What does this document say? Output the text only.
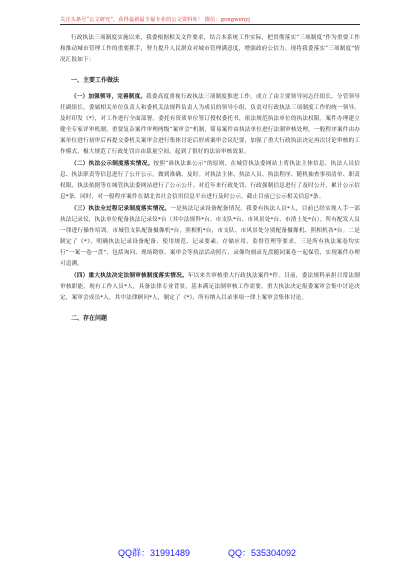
关注头条号“公文研究”，获得最新最全最专业的公文资料库！ 微信：gongwenyj

行政执法三项制度实施以来，我委根据相关文件要求，结合本系统工作实际，把贯彻落实“三项制度”作为重要工作和推动城市管理工作的重要抓手，努力提升人民群众对城市管理满意度，增强政府公信力。现将我委落实“三项制度”情况汇报如下：

一、主要工作做法

（一）加强领导，完善制度。我委高度重视行政执法三项制度推进工作，成立了由主要领导同志任组长、分管领导任副组长，委属相关单位负责人和委机关法规科负责人为成员的领导小组，负责对行政执法三项制度工作的统一领导，及时印发《*》，对工作进行全面部署。委托有资质单位签订授权委托书，依法规范执法单位的执法权限。案件办理建立健全专家评审机制。重要复杂案件审理两级“案审会”机制，简易案件由执法单位进行法制审核处理，一般程序案件由办案单位进行初审后再提交委机关案审会进行集体讨论后形成案审会议纪要，加强了重大行政执法决定再次讨论审核的工作模式，极大规范了行政处罚自由裁量空间，起到了很好的法治审核效果。

（二）执法公示制度落实情况。按照“谁执法谁公示”的原则，在城管执法委网站上将执法主体信息、执法人员信息、执法职责等信息进行了公开公示，做到准确、及时。对执法主体、执法人员、执法程序、随机抽查事项清单、职责权限、执法依据等在城管执法委网站进行了公示公开。对近年来行政处罚、行政强制信息进行了及时公开，累计公示信息*条。同时，对一般程序案件在湖北省社会信用信息平台进行及时公示，截止目前已公示相关信息*条。

（三）执法全过程记录制度落实情况。一是执法记录设备配备情况。我委有执法人员*人，目前已经实现人手一部执法记录仪，执法单位配备执法记录仪*台（其中法规科*台、市支队*台、市风景处*台、市渣土处*台）。所有配发人员一律进行操作培训。市城管支队配备摄像机*台，照相机*台，市支队、市风景处分别配备摄像机、照相机各*台。二是制定了《*》，明确执法记录设备配备、使用规范、记录要素、存储应用、监督管理等要求。三是所有执法案卷均实行“一案一卷一盘”，包括询问、现场勘察、案审会等执法活动照片、录像均刻录光盘随同案卷一起保管，实现案件办理可追溯。

（四）重大执法决定法制审核制度落实情况。年以来共审核重大行政执法案件*件。目前，委法规科承担日常法制审核职能，现有工作人员*人，具备法律专业背景，基本满足法制审核工作需要。重大执法决定报委案审会集中讨论决定，案审会成员*人，其中法律顾问*人，制定了《*》，所有纳入目录事项一律上案审会集体讨论。

二、存在问题
QQ群：31991489	QQ：535304092
